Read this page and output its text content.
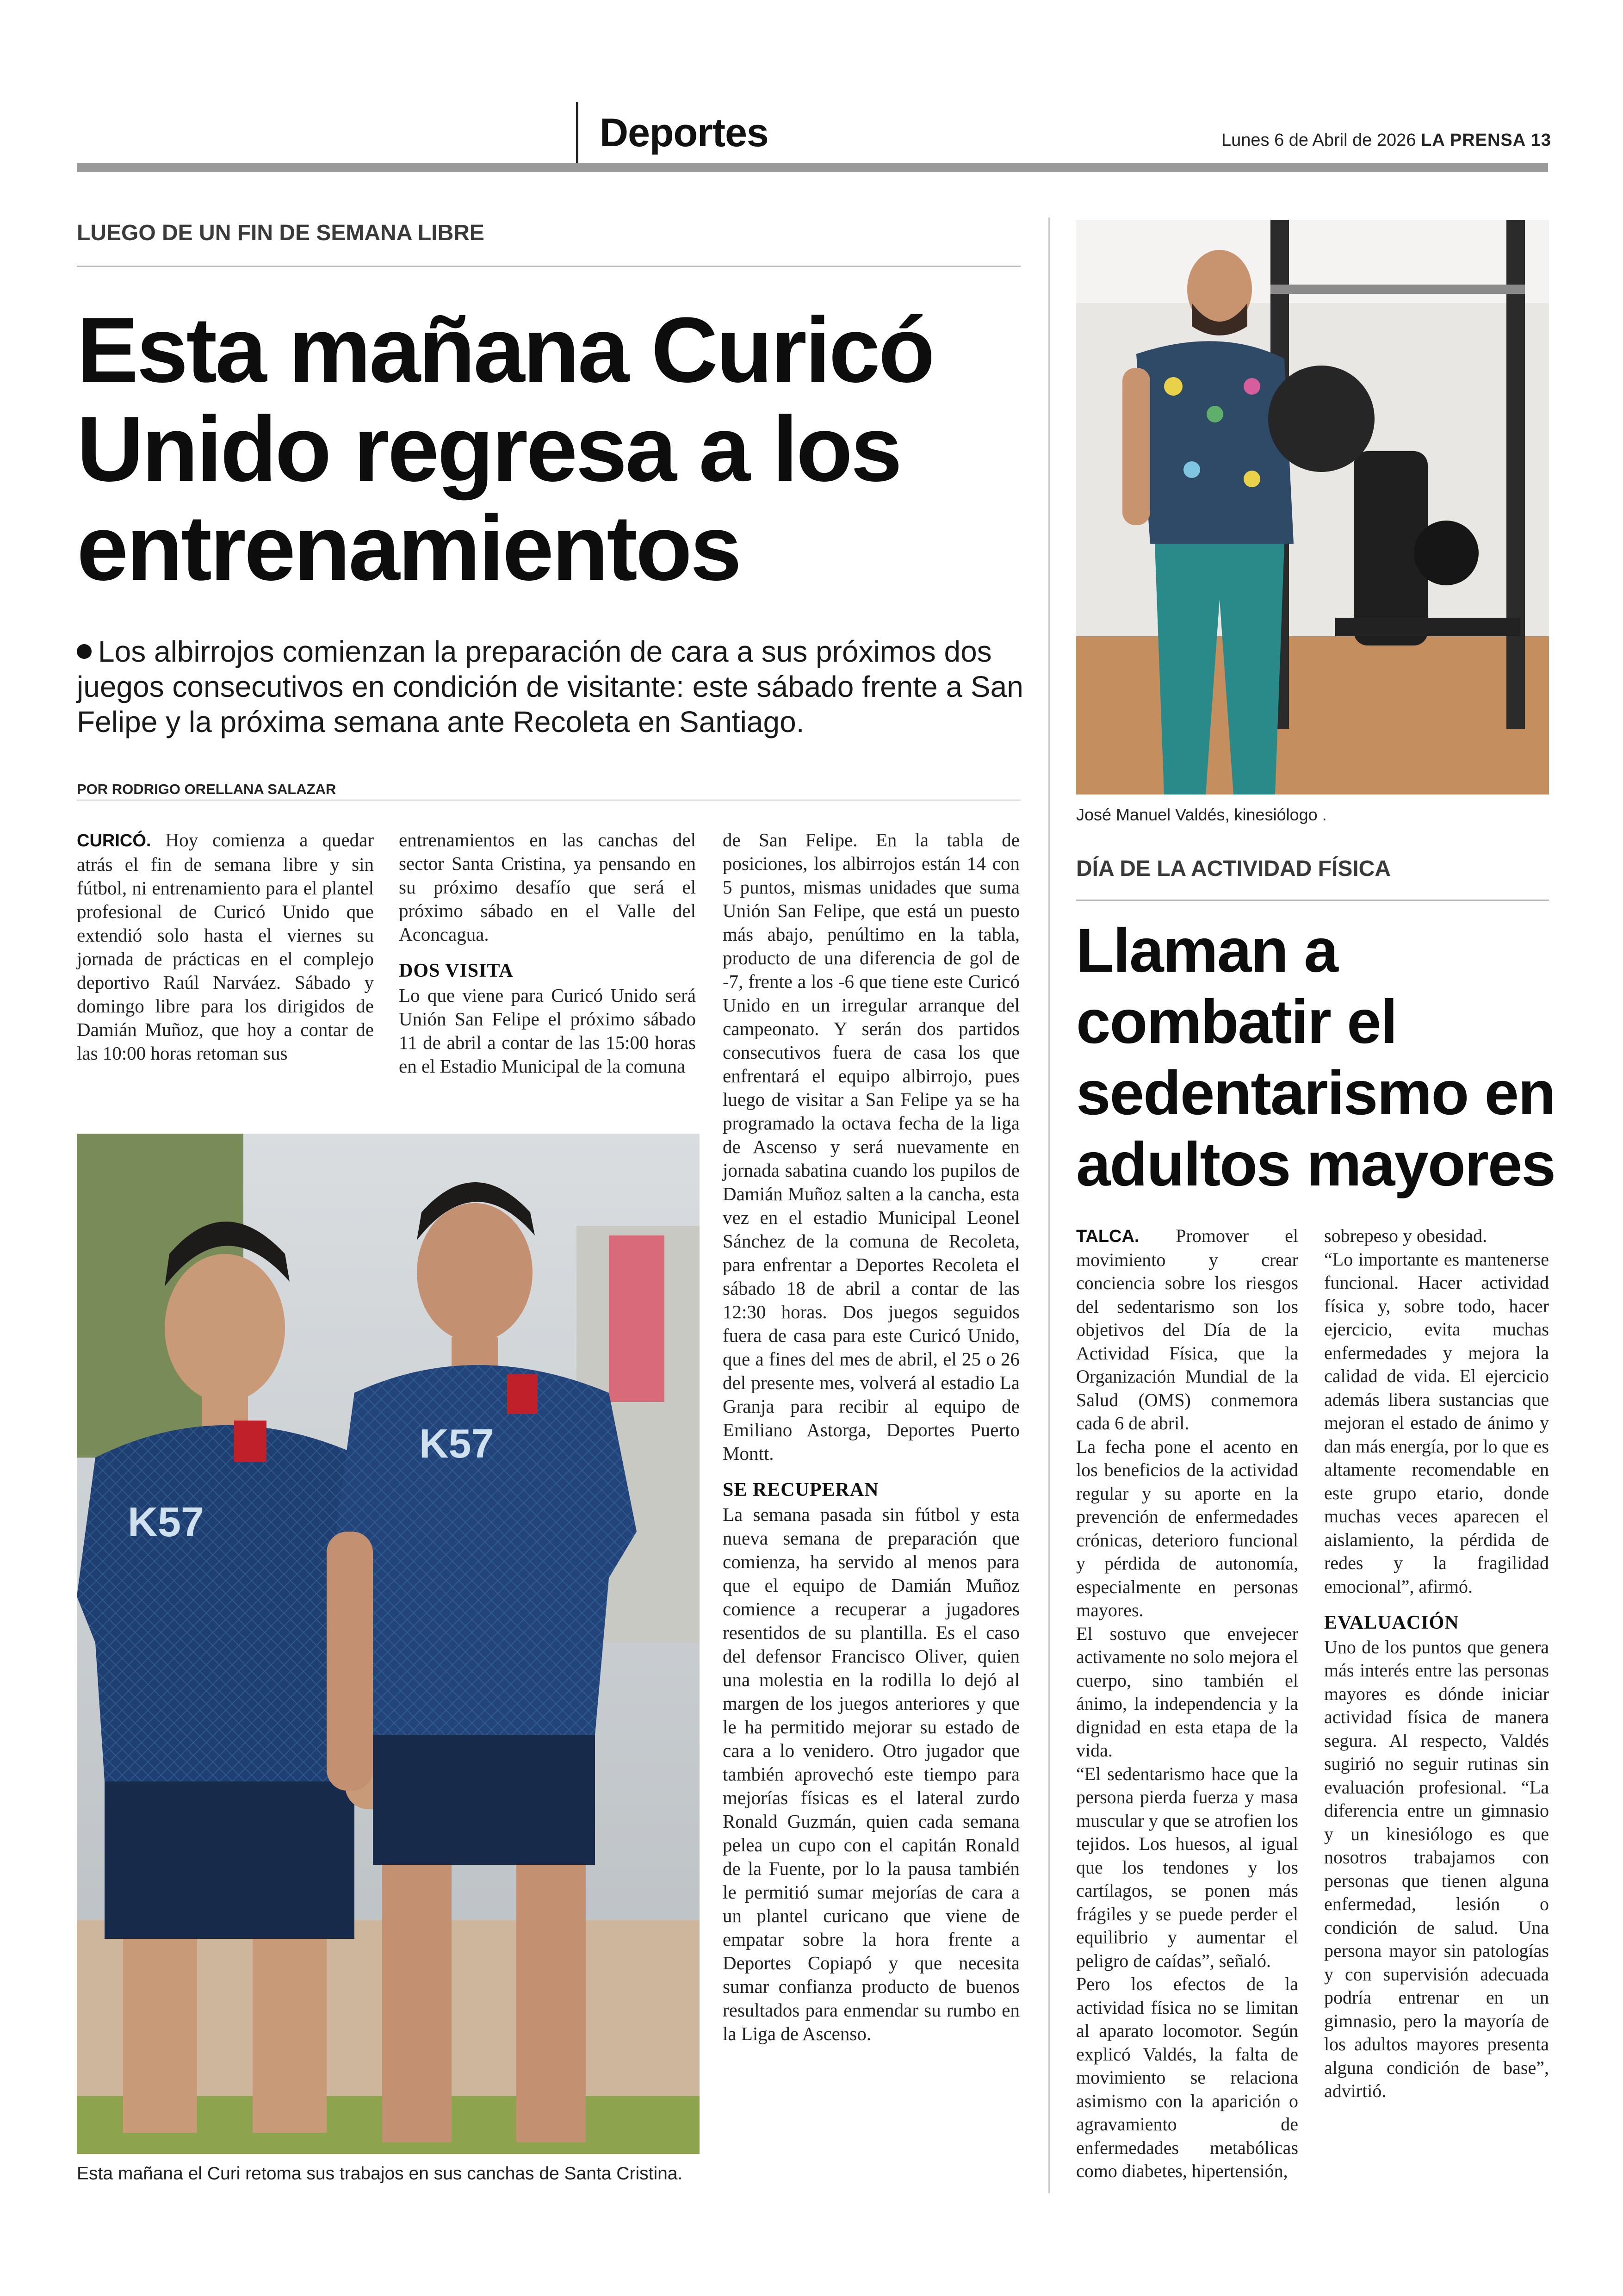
Deportes	Lunes 6 de Abril de 2026 LA PRENSA 13
LUEGO DE UN FIN DE SEMANA LIBRE
Esta mañana Curicó Unido regresa a los entrenamientos
Los albirrojos comienzan la preparación de cara a sus próximos dos juegos consecutivos en condición de visitante: este sábado frente a San Felipe y la próxima semana ante Recoleta en Santiago.
POR RODRIGO ORELLANA SALAZAR

CURICÓ. Hoy comienza a quedar atrás el fin de semana libre y sin fútbol, ni entrenamiento para el plantel profesional de Curicó Unido que extendió solo hasta el viernes su jornada de prácticas en el complejo deportivo Raúl Narváez. Sábado y domingo libre para los dirigidos de Damián Muñoz, que hoy a contar de las 10:00 horas retoman sus

entrenamientos en las canchas del sector Santa Cristina, ya pensando en su próximo desafío que será el próximo sábado en el Valle del Aconcagua.

DOS VISITA

Lo que viene para Curicó Unido será Unión San Felipe el próximo sábado 11 de abril a contar de las 15:00 horas en el Estadio Municipal de la comuna

de San Felipe. En la tabla de posiciones, los albirrojos están 14 con 5 puntos, mismas unidades que suma Unión San Felipe, que está un puesto más abajo, penúltimo en la tabla, producto de una diferencia de gol de -7, frente a los -6 que tiene este Curicó Unido en un irregular arranque del campeonato. Y serán dos partidos consecutivos fuera de casa los que enfrentará el equipo albirrojo, pues luego de visitar a San Felipe ya se ha programado la octava fecha de la liga de Ascenso y será nuevamente en jornada sabatina cuando los pupilos de Damián Muñoz salten a la cancha, esta vez en el estadio Municipal Leonel Sánchez de la comuna de Recoleta, para enfrentar a Deportes Recoleta el sábado 18 de abril a contar de las 12:30 horas. Dos juegos seguidos fuera de casa para este Curicó Unido, que a fines del mes de abril, el 25 o 26 del presente mes, volverá al estadio La Granja para recibir al equipo de Emiliano Astorga, Deportes Puerto Montt.

SE RECUPERAN

La semana pasada sin fútbol y esta nueva semana de preparación que comienza, ha servido al menos para que el equipo de Damián Muñoz comience a recuperar a jugadores resentidos de su plantilla. Es el caso del defensor Francisco Oliver, quien una molestia en la rodilla lo dejó al margen de los juegos anteriores y que le ha permitido mejorar su estado de cara a lo venidero. Otro jugador que también aprovechó este tiempo para mejorías físicas es el lateral zurdo Ronald Guzmán, quien cada semana pelea un cupo con el capitán Ronald de la Fuente, por lo la pausa también le permitió sumar mejorías de cara a un plantel curicano que viene de empatar sobre la hora frente a Deportes Copiapó y que necesita sumar confianza producto de buenos resultados para enmendar su rumbo en la Liga de Ascenso.

K57
K57
Esta mañana el Curi retoma sus trabajos en sus canchas de Santa Cristina.
José Manuel Valdés, kinesiólogo .
DÍA DE LA ACTIVIDAD FÍSICA
Llaman a combatir el sedentarismo en adultos mayores

TALCA. Promover el movimiento y crear conciencia sobre los riesgos del sedentarismo son los objetivos del Día de la Actividad Física, que la Organización Mundial de la Salud (OMS) conmemora cada 6 de abril.

La fecha pone el acento en los beneficios de la actividad regular y su aporte en la prevención de enfermedades crónicas, deterioro funcional y pérdida de autonomía, especialmente en personas mayores.

El sostuvo que envejecer activamente no solo mejora el cuerpo, sino también el ánimo, la independencia y la dignidad en esta etapa de la vida.

“El sedentarismo hace que la persona pierda fuerza y masa muscular y que se atrofien los tejidos. Los huesos, al igual que los tendones y los cartílagos, se ponen más frágiles y se puede perder el equilibrio y aumentar el peligro de caídas”, señaló.

Pero los efectos de la actividad física no se limitan al aparato locomotor. Según explicó Valdés, la falta de movimiento se relaciona asimismo con la aparición o agravamiento de enfermedades metabólicas como diabetes, hipertensión,

sobrepeso y obesidad.

“Lo importante es mantenerse funcional. Hacer actividad física y, sobre todo, hacer ejercicio, evita muchas enfermedades y mejora la calidad de vida. El ejercicio además libera sustancias que mejoran el estado de ánimo y dan más energía, por lo que es altamente recomendable en este grupo etario, donde muchas veces aparecen el aislamiento, la pérdida de redes y la fragilidad emocional”, afirmó.

EVALUACIÓN

Uno de los puntos que genera más interés entre las personas mayores es dónde iniciar actividad física de manera segura. Al respecto, Valdés sugirió no seguir rutinas sin evaluación profesional. “La diferencia entre un gimnasio y un kinesiólogo es que nosotros trabajamos con personas que tienen alguna enfermedad, lesión o condición de salud. Una persona mayor sin patologías y con supervisión adecuada podría entrenar en un gimnasio, pero la mayoría de los adultos mayores presenta alguna condición de base”, advirtió.
